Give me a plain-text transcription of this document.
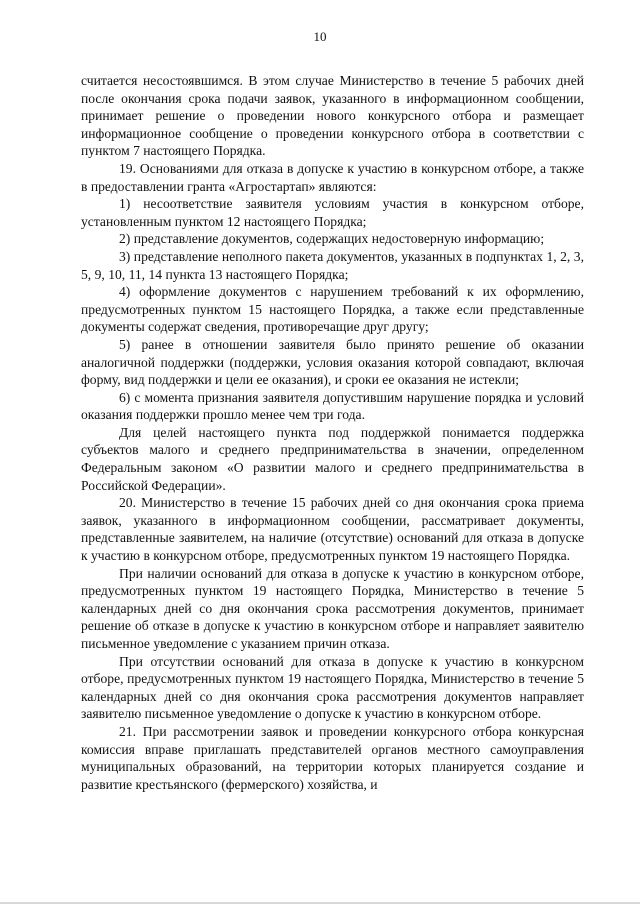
10

считается несостоявшимся. В этом случае Министерство в течение 5 рабочих дней после окончания срока подачи заявок, указанного в информационном сообщении, принимает решение о проведении нового конкурсного отбора и размещает информационное сообщение о проведении конкурсного отбора в соответствии с пунктом 7 настоящего Порядка.

19. Основаниями для отказа в допуске к участию в конкурсном отборе, а также в предоставлении гранта «Агростартап» являются:

1) несоответствие заявителя условиям участия в конкурсном отборе, установленным пунктом 12 настоящего Порядка;

2) представление документов, содержащих недостоверную информацию;

3) представление неполного пакета документов, указанных в подпунктах 1, 2, 3, 5, 9, 10, 11, 14 пункта 13 настоящего Порядка;

4) оформление документов с нарушением требований к их оформлению, предусмотренных пунктом 15 настоящего Порядка, а также если представленные документы содержат сведения, противоречащие друг другу;

5) ранее в отношении заявителя было принято решение об оказании аналогичной поддержки (поддержки, условия оказания которой совпадают, включая форму, вид поддержки и цели ее оказания), и сроки ее оказания не истекли;

6) с момента признания заявителя допустившим нарушение порядка и условий оказания поддержки прошло менее чем три года.

Для целей настоящего пункта под поддержкой понимается поддержка субъектов малого и среднего предпринимательства в значении, определенном Федеральным законом «О развитии малого и среднего предпринимательства в Российской Федерации».

20. Министерство в течение 15 рабочих дней со дня окончания срока приема заявок, указанного в информационном сообщении, рассматривает документы, представленные заявителем, на наличие (отсутствие) оснований для отказа в допуске к участию в конкурсном отборе, предусмотренных пунктом 19 настоящего Порядка.

При наличии оснований для отказа в допуске к участию в конкурсном отборе, предусмотренных пунктом 19 настоящего Порядка, Министерство в течение 5 календарных дней со дня окончания срока рассмотрения документов, принимает решение об отказе в допуске к участию в конкурсном отборе и направляет заявителю письменное уведомление с указанием причин отказа.

При отсутствии оснований для отказа в допуске к участию в конкурсном отборе, предусмотренных пунктом 19 настоящего Порядка, Министерство в течение 5 календарных дней со дня окончания срока рассмотрения документов направляет заявителю письменное уведомление о допуске к участию в конкурсном отборе.

21. При рассмотрении заявок и проведении конкурсного отбора конкурсная комиссия вправе приглашать представителей органов местного самоуправления муниципальных образований, на территории которых планируется создание и развитие крестьянского (фермерского) хозяйства, и
